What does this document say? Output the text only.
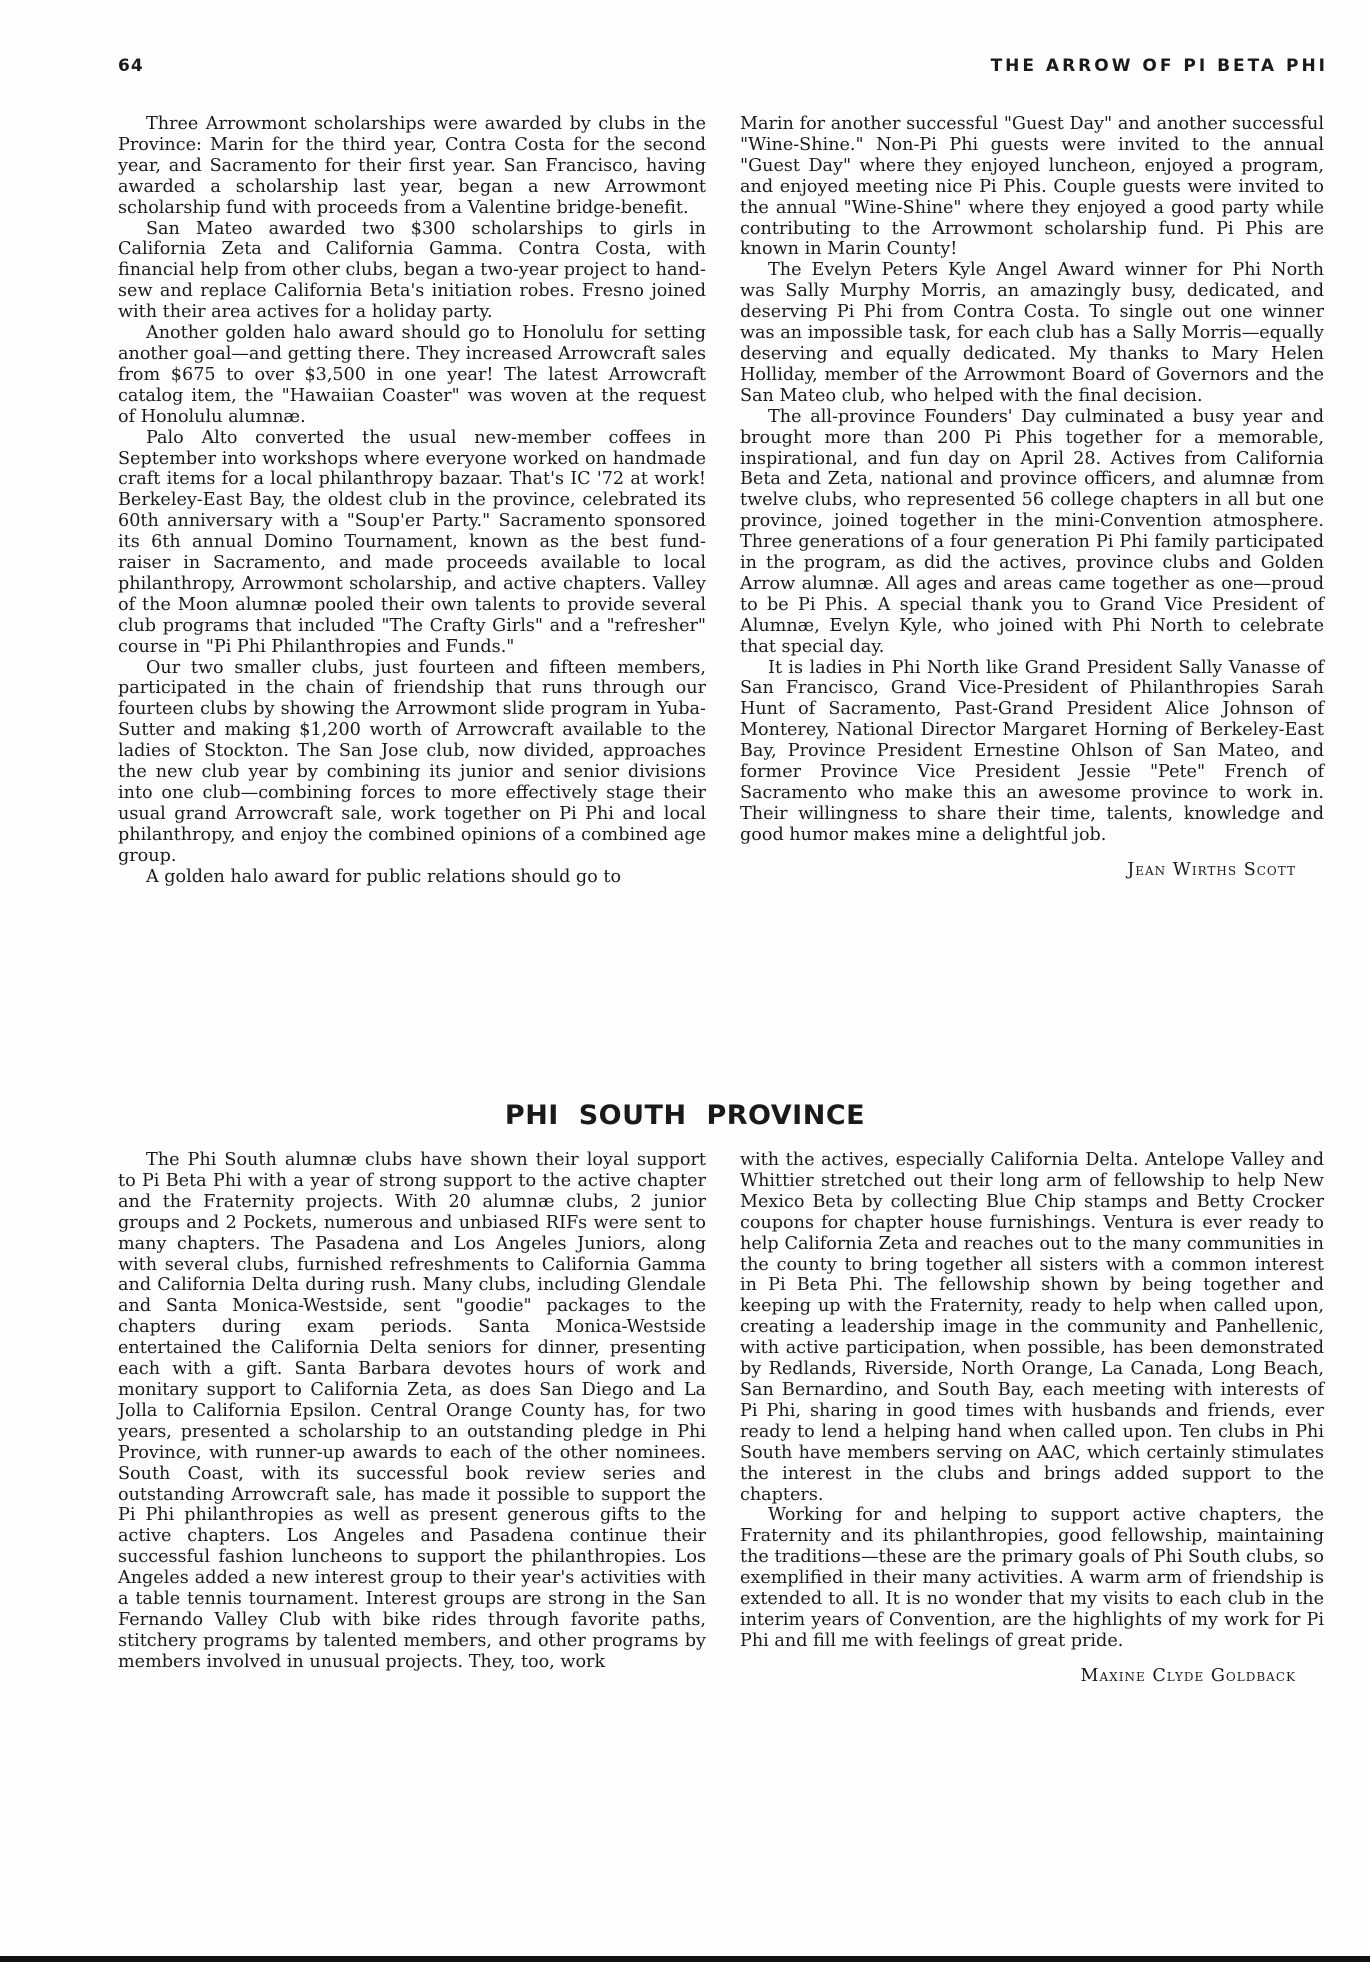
64	THE ARROW OF PI BETA PHI

Three Arrowmont scholarships were awarded by clubs in the Province: Marin for the third year, Contra Costa for the second year, and Sacramento for their first year. San Francisco, having awarded a scholarship last year, began a new Arrowmont scholarship fund with proceeds from a Valentine bridge-benefit.

San Mateo awarded two $300 scholarships to girls in California Zeta and California Gamma. Contra Costa, with financial help from other clubs, began a two-year project to hand-sew and replace California Beta's initiation robes. Fresno joined with their area actives for a holiday party.

Another golden halo award should go to Honolulu for setting another goal—and getting there. They increased Arrowcraft sales from $675 to over $3,500 in one year! The latest Arrowcraft catalog item, the "Hawaiian Coaster" was woven at the request of Honolulu alumnæ.

Palo Alto converted the usual new-member coffees in September into workshops where everyone worked on handmade craft items for a local philanthropy bazaar. That's IC '72 at work! Berkeley-East Bay, the oldest club in the province, celebrated its 60th anniversary with a "Soup'er Party." Sacramento sponsored its 6th annual Domino Tournament, known as the best fund-raiser in Sacramento, and made proceeds available to local philanthropy, Arrowmont scholarship, and active chapters. Valley of the Moon alumnæ pooled their own talents to provide several club programs that included "The Crafty Girls" and a "refresher" course in "Pi Phi Philanthropies and Funds."

Our two smaller clubs, just fourteen and fifteen members, participated in the chain of friendship that runs through our fourteen clubs by showing the Arrowmont slide program in Yuba-Sutter and making $1,200 worth of Arrowcraft available to the ladies of Stockton. The San Jose club, now divided, approaches the new club year by combining its junior and senior divisions into one club—combining forces to more effectively stage their usual grand Arrowcraft sale, work together on Pi Phi and local philanthropy, and enjoy the combined opinions of a combined age group.

A golden halo award for public relations should go to

Marin for another successful "Guest Day" and another successful "Wine-Shine." Non-Pi Phi guests were invited to the annual "Guest Day" where they enjoyed luncheon, enjoyed a program, and enjoyed meeting nice Pi Phis. Couple guests were invited to the annual "Wine-Shine" where they enjoyed a good party while contributing to the Arrowmont scholarship fund. Pi Phis are known in Marin County!

The Evelyn Peters Kyle Angel Award winner for Phi North was Sally Murphy Morris, an amazingly busy, dedicated, and deserving Pi Phi from Contra Costa. To single out one winner was an impossible task, for each club has a Sally Morris—equally deserving and equally dedicated. My thanks to Mary Helen Holliday, member of the Arrowmont Board of Governors and the San Mateo club, who helped with the final decision.

The all-province Founders' Day culminated a busy year and brought more than 200 Pi Phis together for a memorable, inspirational, and fun day on April 28. Actives from California Beta and Zeta, national and province officers, and alumnæ from twelve clubs, who represented 56 college chapters in all but one province, joined together in the mini-Convention atmosphere. Three generations of a four generation Pi Phi family participated in the program, as did the actives, province clubs and Golden Arrow alumnæ. All ages and areas came together as one—proud to be Pi Phis. A special thank you to Grand Vice President of Alumnæ, Evelyn Kyle, who joined with Phi North to celebrate that special day.

It is ladies in Phi North like Grand President Sally Vanasse of San Francisco, Grand Vice-President of Philanthropies Sarah Hunt of Sacramento, Past-Grand President Alice Johnson of Monterey, National Director Margaret Horning of Berkeley-East Bay, Province President Ernestine Ohlson of San Mateo, and former Province Vice President Jessie "Pete" French of Sacramento who make this an awesome province to work in. Their willingness to share their time, talents, knowledge and good humor makes mine a delightful job.

Jean Wirths Scott
PHI SOUTH PROVINCE

The Phi South alumnæ clubs have shown their loyal support to Pi Beta Phi with a year of strong support to the active chapter and the Fraternity projects. With 20 alumnæ clubs, 2 junior groups and 2 Pockets, numerous and unbiased RIFs were sent to many chapters. The Pasadena and Los Angeles Juniors, along with several clubs, furnished refreshments to California Gamma and California Delta during rush. Many clubs, including Glendale and Santa Monica-Westside, sent "goodie" packages to the chapters during exam periods. Santa Monica-Westside entertained the California Delta seniors for dinner, presenting each with a gift. Santa Barbara devotes hours of work and monitary support to California Zeta, as does San Diego and La Jolla to California Epsilon. Central Orange County has, for two years, presented a scholarship to an outstanding pledge in Phi Province, with runner-up awards to each of the other nominees. South Coast, with its successful book review series and outstanding Arrowcraft sale, has made it possible to support the Pi Phi philanthropies as well as present generous gifts to the active chapters. Los Angeles and Pasadena continue their successful fashion luncheons to support the philanthropies. Los Angeles added a new interest group to their year's activities with a table tennis tournament. Interest groups are strong in the San Fernando Valley Club with bike rides through favorite paths, stitchery programs by talented members, and other programs by members involved in unusual projects. They, too, work

with the actives, especially California Delta. Antelope Valley and Whittier stretched out their long arm of fellowship to help New Mexico Beta by collecting Blue Chip stamps and Betty Crocker coupons for chapter house furnishings. Ventura is ever ready to help California Zeta and reaches out to the many communities in the county to bring together all sisters with a common interest in Pi Beta Phi. The fellowship shown by being together and keeping up with the Fraternity, ready to help when called upon, creating a leadership image in the community and Panhellenic, with active participation, when possible, has been demonstrated by Redlands, Riverside, North Orange, La Canada, Long Beach, San Bernardino, and South Bay, each meeting with interests of Pi Phi, sharing in good times with husbands and friends, ever ready to lend a helping hand when called upon. Ten clubs in Phi South have members serving on AAC, which certainly stimulates the interest in the clubs and brings added support to the chapters.

Working for and helping to support active chapters, the Fraternity and its philanthropies, good fellowship, maintaining the traditions—these are the primary goals of Phi South clubs, so exemplified in their many activities. A warm arm of friendship is extended to all. It is no wonder that my visits to each club in the interim years of Convention, are the highlights of my work for Pi Phi and fill me with feelings of great pride.

Maxine Clyde Goldback
